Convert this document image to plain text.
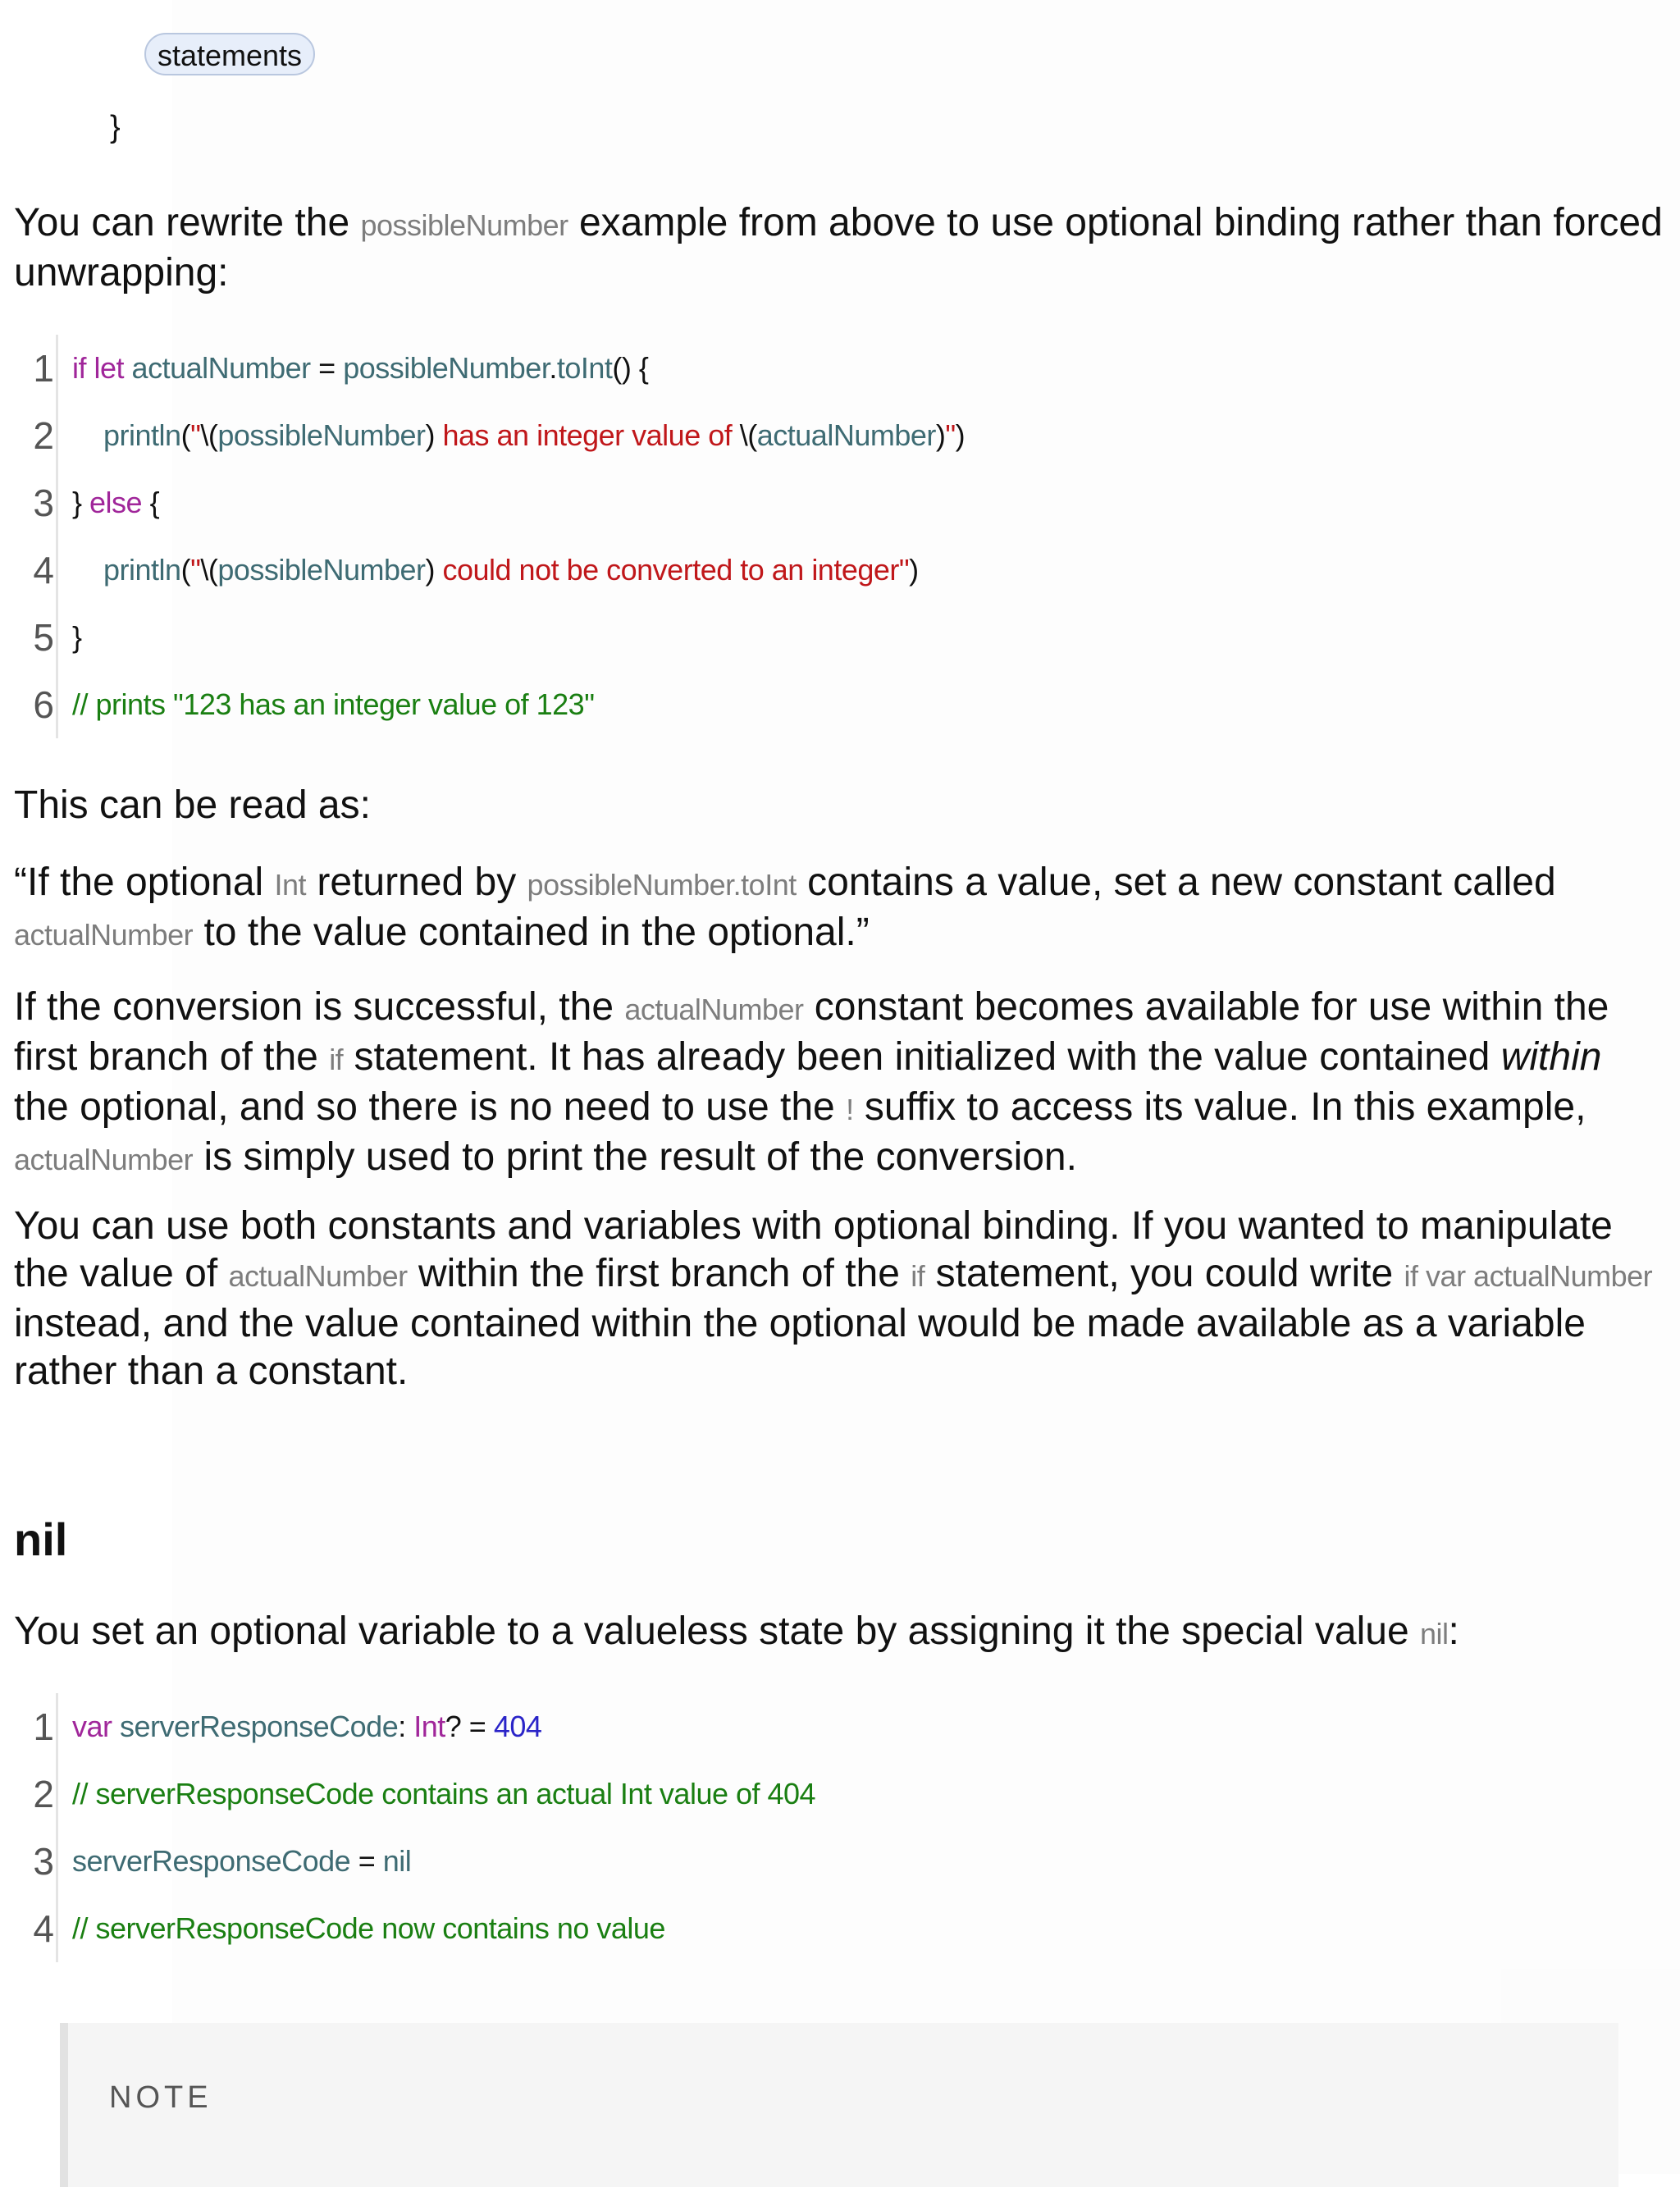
statements
}

You can rewrite the possibleNumber example from above to use optional binding rather than forced unwrapping:

1 if let actualNumber = possibleNumber.toInt() {
2	println("\(possibleNumber) has an integer value of \(actualNumber)")
3 } else {
4	println("\(possibleNumber) could not be converted to an integer")
5 }
6 // prints "123 has an integer value of 123"

This can be read as:

“If the optional Int returned by possibleNumber.toInt contains a value, set a new constant called actualNumber to the value contained in the optional.”

If the conversion is successful, the actualNumber constant becomes available for use within the first branch of the if statement. It has already been initialized with the value contained within the optional, and so there is no need to use the ! suffix to access its value. In this example, actualNumber is simply used to print the result of the conversion.

You can use both constants and variables with optional binding. If you wanted to manipulate the value of actualNumber within the first branch of the if statement, you could write if var actualNumber instead, and the value contained within the optional would be made available as a variable rather than a constant.

nil

You set an optional variable to a valueless state by assigning it the special value nil:

1 var serverResponseCode: Int? = 404
2 // serverResponseCode contains an actual Int value of 404
3 serverResponseCode = nil
4 // serverResponseCode now contains no value
NOTE
